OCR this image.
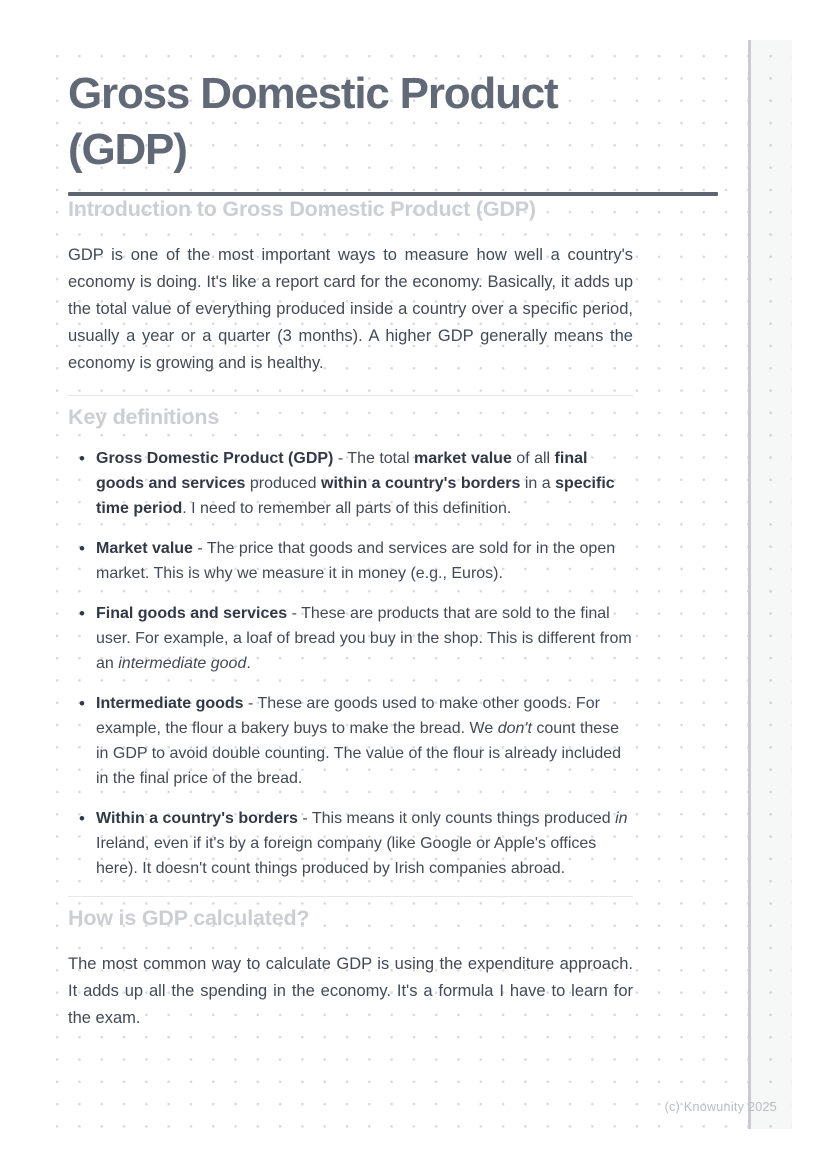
Gross Domestic Product (GDP)
Introduction to Gross Domestic Product (GDP)

GDP is one of the most important ways to measure how well a country's economy is doing. It's like a report card for the economy. Basically, it adds up the total value of everything produced inside a country over a specific period, usually a year or a quarter (3 months). A higher GDP generally means the economy is growing and is healthy.

Key definitions
• Gross Domestic Product (GDP) - The total market value of all final goods and services produced within a country's borders in a specific time period. I need to remember all parts of this definition.
• Market value - The price that goods and services are sold for in the open market. This is why we measure it in money (e.g., Euros).
• Final goods and services - These are products that are sold to the final user. For example, a loaf of bread you buy in the shop. This is different from an intermediate good.
• Intermediate goods - These are goods used to make other goods. For example, the flour a bakery buys to make the bread. We don't count these in GDP to avoid double counting. The value of the flour is already included in the final price of the bread.
• Within a country's borders - This means it only counts things produced in Ireland, even if it's by a foreign company (like Google or Apple's offices here). It doesn't count things produced by Irish companies abroad.
How is GDP calculated?

The most common way to calculate GDP is using the expenditure approach. It adds up all the spending in the economy. It's a formula I have to learn for the exam.

(c) Knowunity 2025
